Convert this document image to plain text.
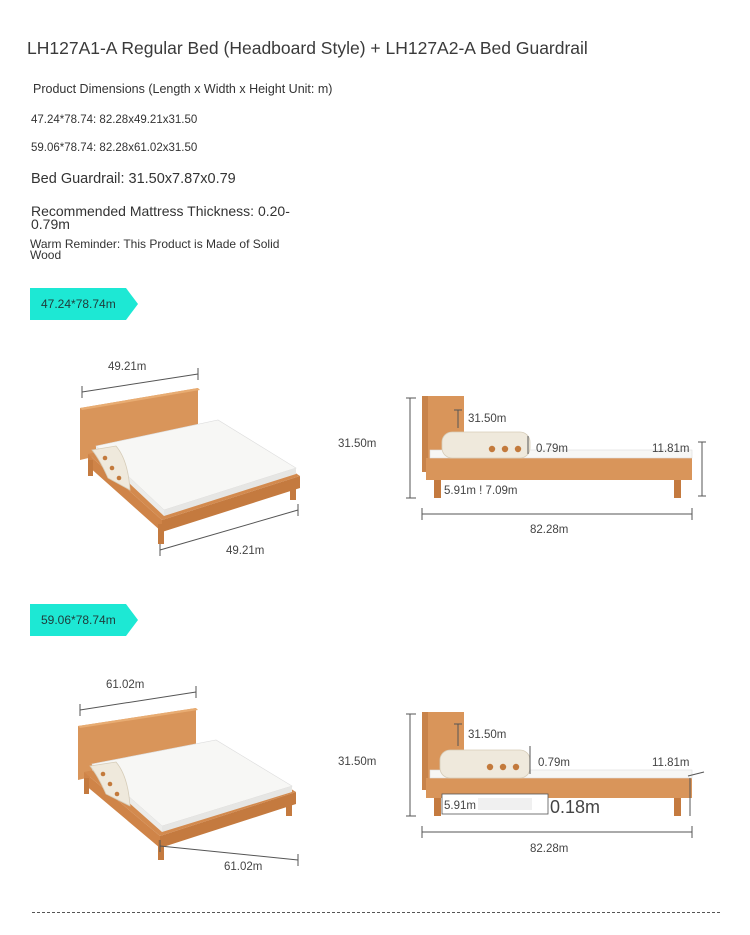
LH127A1-A Regular Bed (Headboard Style) + LH127A2-A Bed Guardrail
Product Dimensions (Length x Width x Height Unit: m)
47.24*78.74: 82.28x49.21x31.50
59.06*78.74: 82.28x61.02x31.50
Bed Guardrail: 31.50x7.87x0.79
Recommended Mattress Thickness: 0.20-0.79m
Warm Reminder: This Product is Made of Solid Wood
47.24*78.74m
49.21m
49.21m
31.50m
31.50m
0.79m	11.81m
5.91m ! 7.09m
82.28m
59.06*78.74m
61.02m
61.02m
31.50m
31.50m
0.79m	11.81m
5.91m	0.18m
82.28m
